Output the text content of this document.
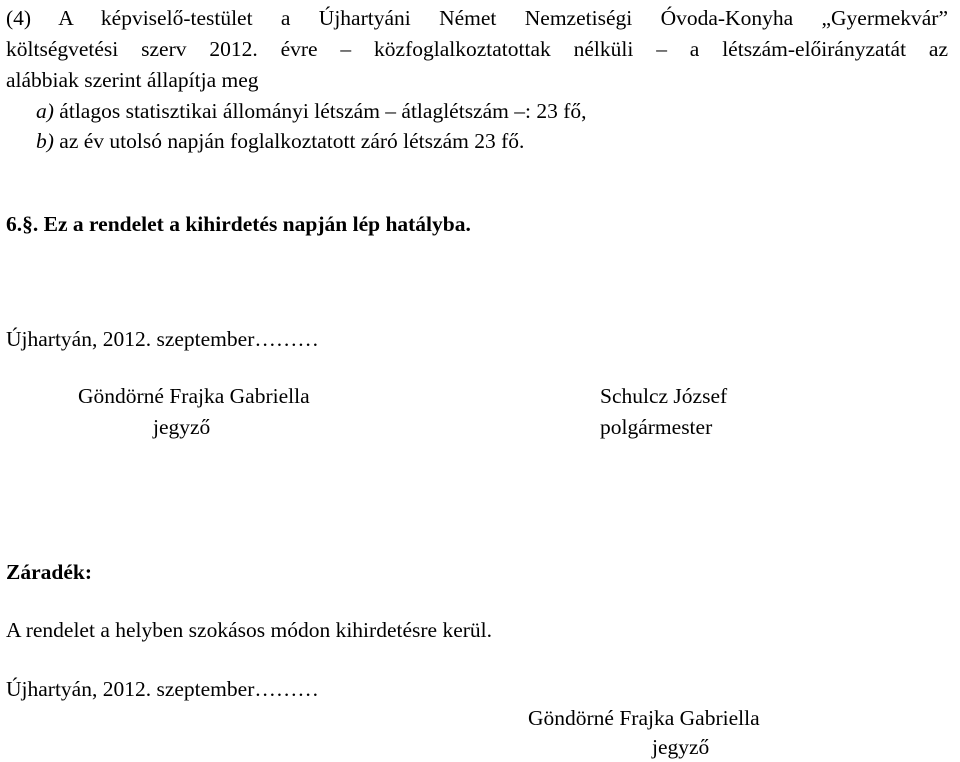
(4) A képviselő-testület a Újhartyáni Német Nemzetiségi Óvoda-Konyha „Gyermekvár”
költségvetési szerv 2012. évre – közfoglalkoztatottak nélküli – a létszám-előirányzatát az
alábbiak szerint állapítja meg
a) átlagos statisztikai állományi létszám – átlaglétszám –: 23 fő,
b) az év utolsó napján foglalkoztatott záró létszám 23 fő.
6.§. Ez a rendelet a kihirdetés napján lép hatályba.
Újhartyán, 2012. szeptember………
Göndörné Frajka Gabriella
jegyző
Schulcz József
polgármester
Záradék:
A rendelet a helyben szokásos módon kihirdetésre kerül.
Újhartyán, 2012. szeptember………
Göndörné Frajka Gabriella
jegyző
